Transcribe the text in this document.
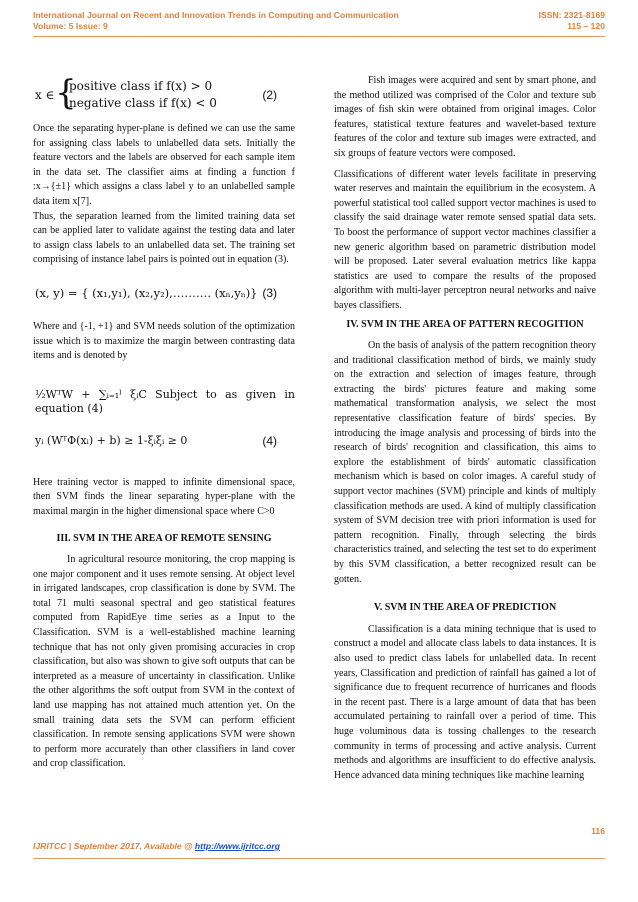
International Journal on Recent and Innovation Trends in Computing and Communication
Volume: 5 Issue: 9
ISSN: 2321-8169
115 – 120
x ∈ {
positive class if f(x) > 0
negative class if f(x) < 0
(2)

Once the separating hyper-plane is defined we can use the same for assigning class labels to unlabelled data sets. Initially the feature vectors and the labels are observed for each sample item in the data set. The classifier aims at finding a function f :x→{±1} which assigns a class label y to an unlabelled sample data item x[7].

Thus, the separation learned from the limited training data set can be applied later to validate against the testing data and later to assign class labels to an unlabelled data set. The training set comprising of instance label pairs is pointed out in equation (3).

(x, y) = { (x₁,y₁), (x₂,y₂),………. (xₙ,yₙ)} (3)

Where and {-1, +1} and SVM needs solution of the optimization issue which is to maximize the margin between contrasting data items and is denoted by

½WᵀW + ∑ᵢ₌₁ˡ ξᵢC Subject to as given in equation (4)
yᵢ (WᵀΦ(xᵢ) + b) ≥ 1-ξᵢξᵢ ≥ 0	(4)

Here training vector is mapped to infinite dimensional space, then SVM finds the linear separating hyper-plane with the maximal margin in the higher dimensional space where C>0

III. SVM IN THE AREA OF REMOTE SENSING

In agricultural resource monitoring, the crop mapping is one major component and it uses remote sensing. At object level in irrigated landscapes, crop classification is done by SVM. The total 71 multi seasonal spectral and geo statistical features computed from RapidEye time series as a Input to the Classification. SVM is a well-established machine learning technique that has not only given promising accuracies in crop classification, but also was shown to give soft outputs that can be interpreted as a measure of uncertainty in classification. Unlike the other algorithms the soft output from SVM in the context of land use mapping has not attained much attention yet. On the small training data sets the SVM can perform efficient classification. In remote sensing applications SVM were shown to perform more accurately than other classifiers in land cover and crop classification.

Fish images were acquired and sent by smart phone, and the method utilized was comprised of the Color and texture sub images of fish skin were obtained from original images. Color features, statistical texture features and wavelet-based texture features of the color and texture sub images were extracted, and six groups of feature vectors were composed.

Classifications of different water levels facilitate in preserving water reserves and maintain the equilibrium in the ecosystem. A powerful statistical tool called support vector machines is used to classify the said drainage water remote sensed spatial data sets. To boost the performance of support vector machines classifier a new generic algorithm based on parametric distribution model will be proposed. Later several evaluation metrics like kappa statistics are used to compare the results of the proposed algorithm with multi-layer perceptron neural networks and naive bayes classifiers.

IV. SVM IN THE AREA OF PATTERN RECOGITION

On the basis of analysis of the pattern recognition theory and traditional classification method of birds, we mainly study on the extraction and selection of images feature, through extracting the birds' pictures feature and making some mathematical transformation analysis, we select the most representative classification feature of birds' species. By introducing the image analysis and processing of birds into the research of birds' recognition and classification, this aims to explore the establishment of birds' automatic classification mechanism which is based on color images. A careful study of support vector machines (SVM) principle and kinds of multiply classification methods are used. A kind of multiply classification system of SVM decision tree with priori information is used for pattern recognition. Finally, through selecting the birds characteristics trained, and selecting the test set to do experiment by this SVM classification, a better recognized result can be gotten.

V. SVM IN THE AREA OF PREDICTION

Classification is a data mining technique that is used to construct a model and allocate class labels to data instances. It is also used to predict class labels for unlabelled data. In recent years, Classification and prediction of rainfall has gained a lot of significance due to frequent recurrence of hurricanes and floods in the recent past. There is a large amount of data that has been accumulated pertaining to rainfall over a period of time. This huge voluminous data is tossing challenges to the research community in terms of processing and active analysis. Current methods and algorithms are insufficient to do effective analysis. Hence advanced data mining techniques like machine learning

116
IJRITCC | September 2017, Available @ http://www.ijritcc.org
